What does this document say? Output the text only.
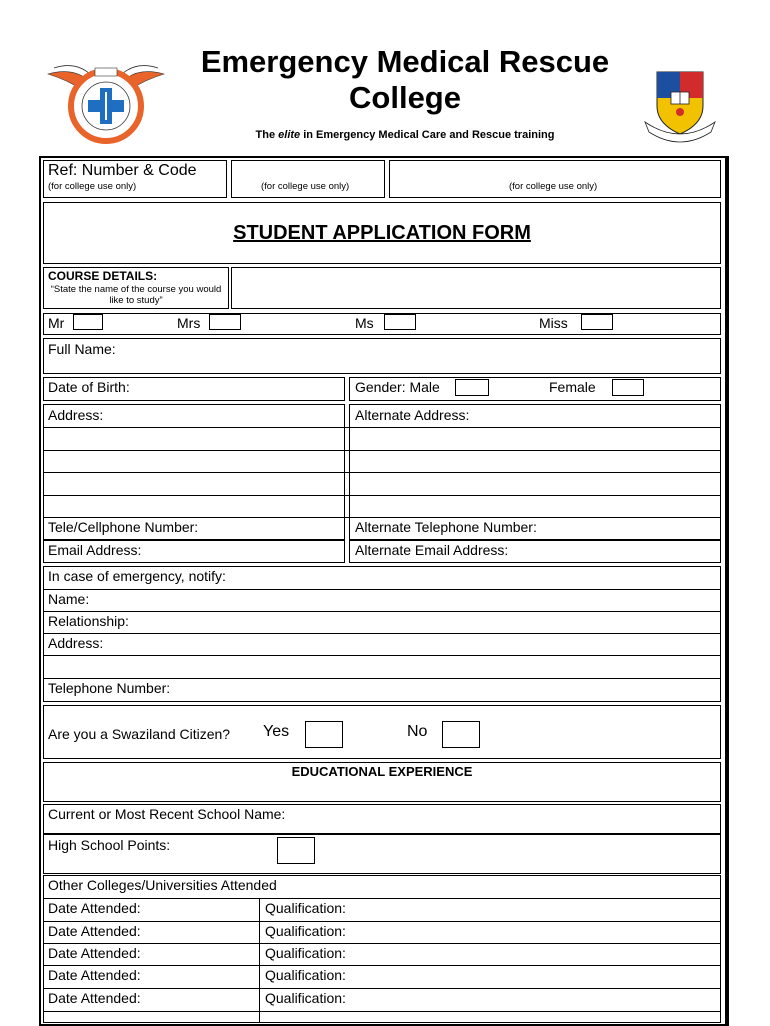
EMERGENCY MEDICAL RESCUE COLLEGE
Emergency Medical Rescue
College
The elite in Emergency Medical Care and Rescue training
Ref: Number & Code
(for college use only)	(for college use only)	(for college use only)
STUDENT APPLICATION FORM
COURSE DETAILS:
“State the name of the course you would like to study”
Mr	Mrs	Ms	Miss
Full Name:
Date of Birth:	Gender: Male	Female
Address:	Alternate Address:
Tele/Cellphone Number:	Alternate Telephone Number:
Email Address:	Alternate Email Address:
In case of emergency, notify:
Name:
Relationship:
Address:
Telephone Number:
Are you a Swaziland Citizen? Yes	No
EDUCATIONAL EXPERIENCE
Current or Most Recent School Name:
High School Points:
Other Colleges/Universities Attended
Date Attended:	Qualification:
Date Attended:	Qualification:
Date Attended:	Qualification:
Date Attended:	Qualification:
Date Attended:	Qualification:
